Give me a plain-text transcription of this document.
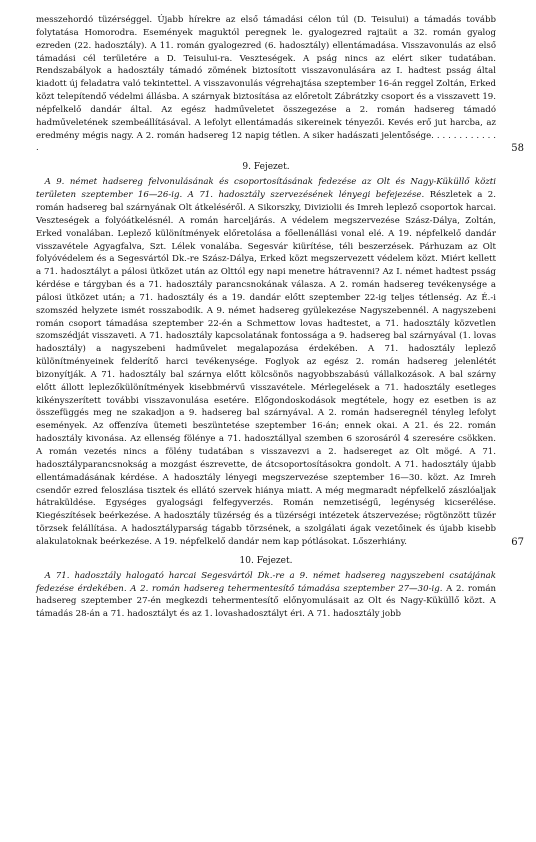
messzehordó tüzérséggel. Újabb hírekre az első támadási célon túl (D. Teisului) a támadás tovább folytatása Homorodra. Események maguktól peregnek le. gyalogezred rajtaüt a 32. román gyalog ezreden (22. hadosztály). A 11. román gyalogezred (6. hadosztály) ellentámadása. Visszavonulás az első támadási cél területére a D. Teisului-ra. Veszteségek. A pság nincs az elért siker tudatában. Rendszabályok a hadosztály támadó zömének biztosított visszavonulására az I. hadtest psság által kiadott új feladatra való tekintettel. A visszavonulás végrehajtása szeptember 16-án reggel Zoltán, Erked közt telepítendő védelmi állásba. A szárnyak biztosítása az előretolt Zábrátzky csoport és a visszavett 19. népfelkelő dandár által. Az egész hadműveletet összegezése a 2. román hadsereg támadó hadműveletének szembeállításával. A lefolyt ellentámadás sikereinek tényezői. Kevés erő jut harcba, az eredmény mégis nagy. A 2. román hadsereg 12 napig tétlen. A siker hadászati jelentősége. . . . . . . . . . . . .	58
9. Fejezet.

 A 9. német hadsereg felvonulásának és csoportosításának fedezése az Olt és Nagy-Küküllő közti területen szeptember 16—26-ig. A 71. hadosztály szervezésének lényegi befejezése. Részletek a 2. román hadsereg bal szárnyának Olt átkeléséről. A Sikorszky, Diviziolii és Imreh leplező csoportok harcai. Veszteségek a folyóátkelésnél. A román harceljárás. A védelem megszervezése Szász-Dálya, Zoltán, Erked vonalában. Leplező különítmények előretolása a főellenállási vonal elé. A 19. népfelkelő dandár visszavétele Agyagfalva, Szt. Lélek vonalába. Segesvár kiürítése, téli beszerzések. Párhuzam az Olt folyóvédelem és a Segesvártól Dk.-re Szász-Dálya, Erked közt megszervezett védelem közt. Miért kellett a 71. hadosztályt a pálosi ütközet után az Olttól egy napi menetre hátravenni? Az I. német hadtest psság kérdése e tárgyban és a 71. hadosztály parancsnokának válasza. A 2. román hadsereg tevékenysége a pálosi ütközet után; a 71. hadosztály és a 19. dandár előtt szeptember 22-ig teljes tétlenség. Az É.-i szomszéd helyzete ismét rosszabodik. A 9. német hadsereg gyülekezése Nagyszebennél. A nagyszebeni román csoport támadása szeptember 22-én a Schmettow lovas hadtestet, a 71. hadosztály közvetlen szomszédját visszaveti. A 71. hadosztály kapcsolatának fontossága a 9. hadsereg bal szárnyával (1. lovas hadosztály) a nagyszebeni hadművelet megalapozása érdekében. A 71. hadosztály leplező különítményeinek felderítő harci tevékenysége. Foglyok az egész 2. román hadsereg jelenlétét bizonyítják. A 71. hadosztály bal szárnya előtt kölcsönös nagyobbszabású vállalkozások. A bal szárny előtt állott leplezőkülönítmények kisebbmérvű visszavétele. Mérlegelések a 71. hadosztály esetleges kikényszerített további visszavonulása esetére. Előgondoskodások megtétele, hogy ez esetben is az összefüggés meg ne szakadjon a 9. hadsereg bal szárnyával. A 2. román hadseregnél tényleg lefolyt események. Az offenzíva ütemeti beszüntetése szeptember 16-án; ennek okai. A 21. és 22. román hadosztály kivonása. Az ellenség fölénye a 71. hadosztállyal szemben 6 szorosáról 4 szeresére csökken. A román vezetés nincs a fölény tudatában s visszavezvi a 2. hadsereget az Olt mögé. A 71. hadosztályparancsnokság a mozgást észrevette, de átcsoportosításokra gondolt. A 71. hadosztály újabb ellentámadásának kérdése. A hadosztály lényegi megszervezése szeptember 16—30. közt. Az Imreh csendőr ezred feloszlása tisztek és ellátó szervek hiánya miatt. A még megmaradt népfelkelő zászlóaljak hátraküldése. Egységes gyalogsági felfegyverzés. Román nemzetiségű, legénység kicserélése. Kiegészítések beérkezése. A hadosztály tüzérség és a tüzérségi intézetek átszervezése; rögtönzött tüzér törzsek felállítása. A hadosztályparság tágabb törzsének, a szolgálati ágak vezetőinek és újabb kisebb alakulatoknak beérkezése. A 19. népfelkelő dandár nem kap pótlásokat. Lőszerhiány.	67
10. Fejezet.

 A 71. hadosztály halogató harcai Segesvártól Dk.-re a 9. német hadsereg nagyszebeni csatájának fedezése érdekében. A 2. román hadsereg tehermentesítő támadása szeptember 27—30-ig. A 2. román hadsereg szeptember 27-én megkezdi tehermentesítő előnyomulásait az Olt és Nagy-Küküllő közt. A támadás 28-án a 71. hadosztályt és az 1. lovashadosztályt éri. A 71. hadosztály jobb
